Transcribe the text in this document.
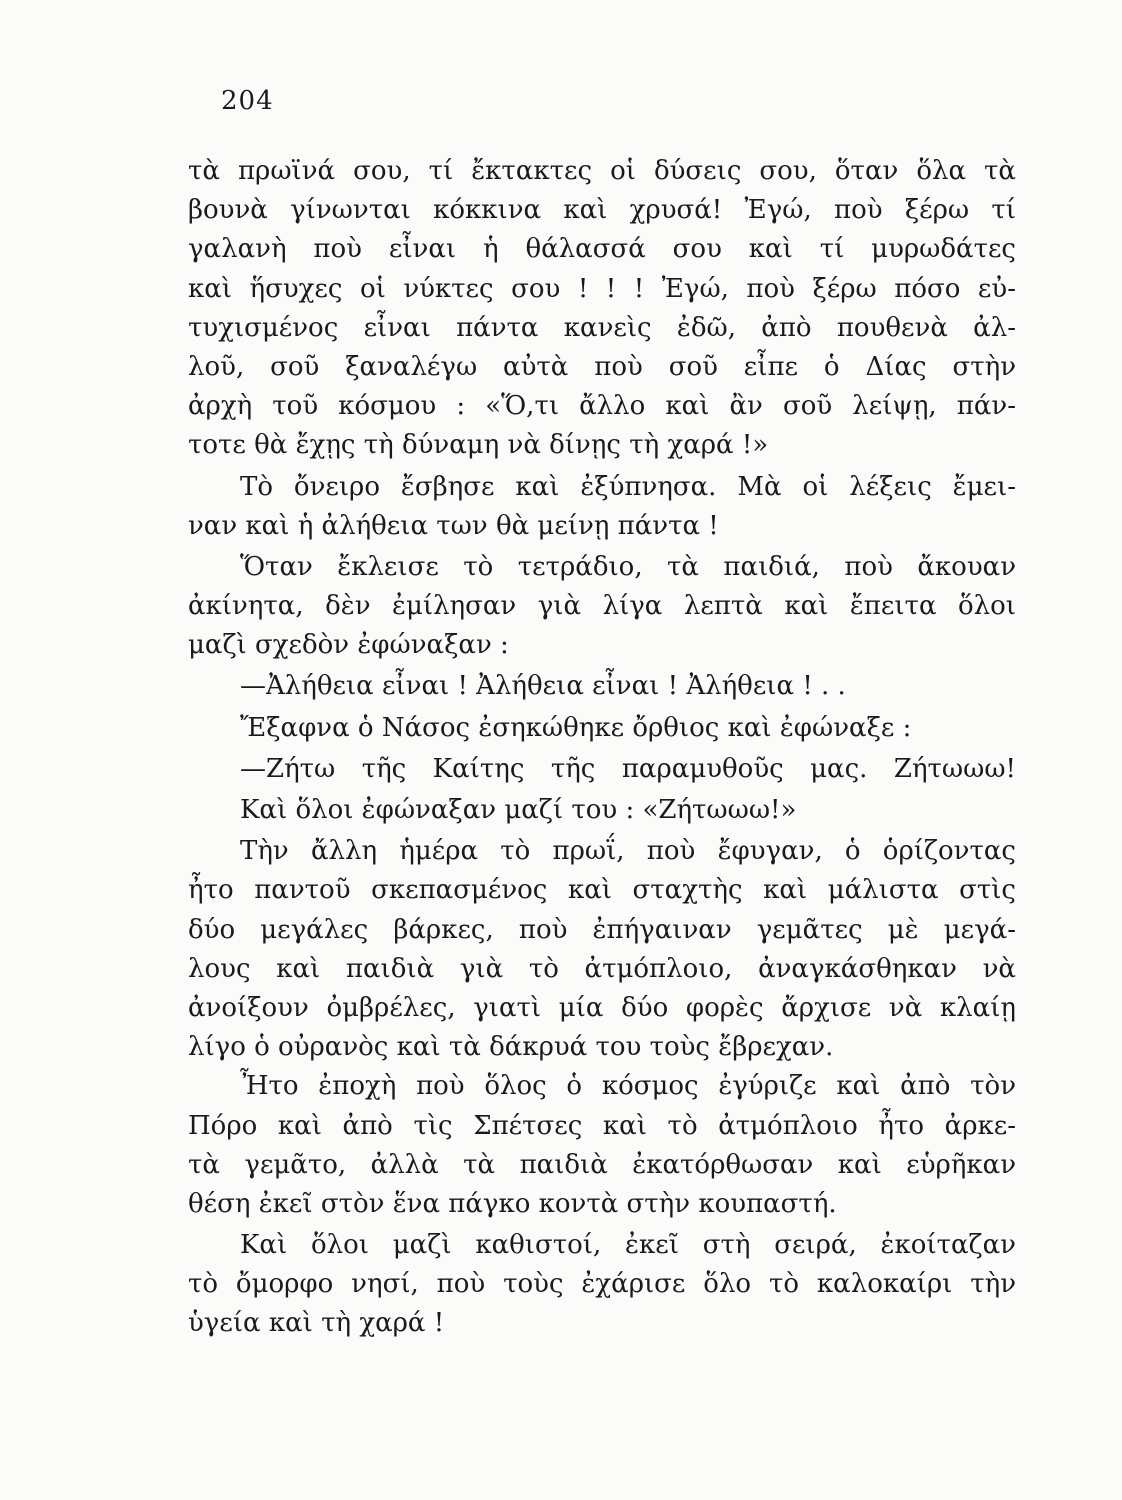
204
τὰ πρωϊνά σου, τί ἔκτακτες οἱ δύσεις σου, ὅταν ὅλα τὰ
βουνὰ γίνωνται κόκκινα καὶ χρυσά! Ἐγώ, ποὺ ξέρω τί
γαλανὴ ποὺ εἶναι ἡ θάλασσά σου καὶ τί μυρωδάτες
καὶ ἥσυχες οἱ νύκτες σου ! ! ! Ἐγώ, ποὺ ξέρω πόσο εὐ-
τυχισμένος εἶναι πάντα κανεὶς ἐδῶ, ἀπὸ πουθενὰ ἀλ-
λοῦ, σοῦ ξαναλέγω αὐτὰ ποὺ σοῦ εἶπε ὁ Δίας στὴν
ἀρχὴ τοῦ κόσμου : «Ὅ,τι ἄλλο καὶ ἂν σοῦ λείψῃ, πάν-
τοτε θὰ ἔχῃς τὴ δύναμη νὰ δίνῃς τὴ χαρά !»
Τὸ ὄνειρο ἔσβησε καὶ ἐξύπνησα. Μὰ οἱ λέξεις ἔμει-
ναν καὶ ἡ ἀλήθεια των θὰ μείνῃ πάντα !
Ὅταν ἔκλεισε τὸ τετράδιο, τὰ παιδιά, ποὺ ἄκουαν
ἀκίνητα, δὲν ἐμίλησαν γιὰ λίγα λεπτὰ καὶ ἔπειτα ὅλοι
μαζὶ σχεδὸν ἐφώναξαν :
—Ἀλήθεια εἶναι ! Ἀλήθεια εἶναι ! Ἀλήθεια ! . .
Ἔξαφνα ὁ Νάσος ἐσηκώθηκε ὄρθιος καὶ ἐφώναξε :
—Ζήτω τῆς Καίτης τῆς παραμυθοῦς μας. Ζήτωωω!
Καὶ ὅλοι ἐφώναξαν μαζί του : «Ζήτωωω!»
Τὴν ἄλλη ἡμέρα τὸ πρωΐ, ποὺ ἔφυγαν, ὁ ὁρίζοντας
ἦτο παντοῦ σκεπασμένος καὶ σταχτὴς καὶ μάλιστα στὶς
δύο μεγάλες βάρκες, ποὺ ἐπήγαιναν γεμᾶτες μὲ μεγά-
λους καὶ παιδιὰ γιὰ τὸ ἀτμόπλοιο, ἀναγκάσθηκαν νὰ
ἀνοίξουν ὀμβρέλες, γιατὶ μία δύο φορὲς ἄρχισε νὰ κλαίῃ
λίγο ὁ οὐρανὸς καὶ τὰ δάκρυά του τοὺς ἔβρεχαν.
Ἦτο ἐποχὴ ποὺ ὅλος ὁ κόσμος ἐγύριζε καὶ ἀπὸ τὸν
Πόρο καὶ ἀπὸ τὶς Σπέτσες καὶ τὸ ἀτμόπλοιο ἦτο ἀρκε-
τὰ γεμᾶτο, ἀλλὰ τὰ παιδιὰ ἐκατόρθωσαν καὶ εὑρῆκαν
θέση ἐκεῖ στὸν ἕνα πάγκο κοντὰ στὴν κουπαστή.
Καὶ ὅλοι μαζὶ καθιστοί, ἐκεῖ στὴ σειρά, ἐκοίταζαν
τὸ ὄμορφο νησί, ποὺ τοὺς ἐχάρισε ὅλο τὸ καλοκαίρι τὴν
ὑγεία καὶ τὴ χαρά !
